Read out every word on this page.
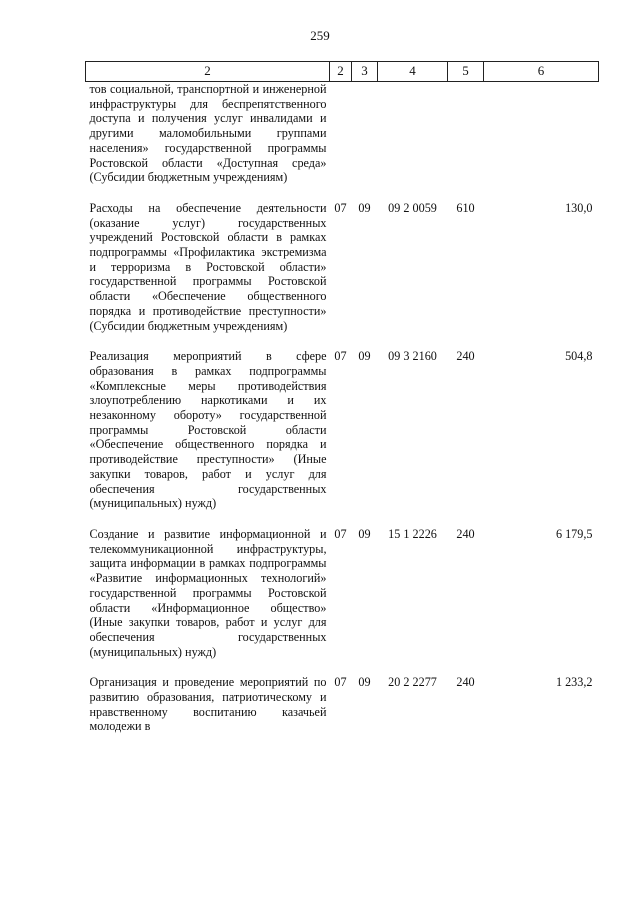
259
2	2	3	4	5	6
тов социальной, транспортной и инженерной инфраструктуры для беспрепятственного доступа и получения услуг инвалидами и другими маломобильными группами населения» государственной программы Ростовской области «Доступная среда» (Субсидии бюджетным учреждениям)					

Расходы на обеспечение деятельности (оказание услуг) государственных учреждений Ростовской области в рамках подпрограммы «Профилактика экстремизма и терроризма в Ростовской области» государственной программы Ростовской области «Обеспечение общественного порядка и противодействие преступности» (Субсидии бюджетным учреждениям)	07	09	09 2 0059	610	130,0

Реализация мероприятий в сфере образования в рамках подпрограммы «Комплексные меры противодействия злоупотреблению наркотиками и их незаконному обороту» государственной программы Ростовской области «Обеспечение общественного порядка и противодействие преступности» (Иные закупки товаров, работ и услуг для обеспечения государственных (муниципальных) нужд)	07	09	09 3 2160	240	504,8

Создание и развитие информационной и телекоммуникационной инфраструктуры, защита информации в рамках подпрограммы «Развитие информационных технологий» государственной программы Ростовской области «Информационное общество» (Иные закупки товаров, работ и услуг для обеспечения государственных (муниципальных) нужд)	07	09	15 1 2226	240	6 179,5

Организация и проведение мероприятий по развитию образования, патриотическому и нравственному воспитанию казачьей молодежи в	07	09	20 2 2277	240	1 233,2
